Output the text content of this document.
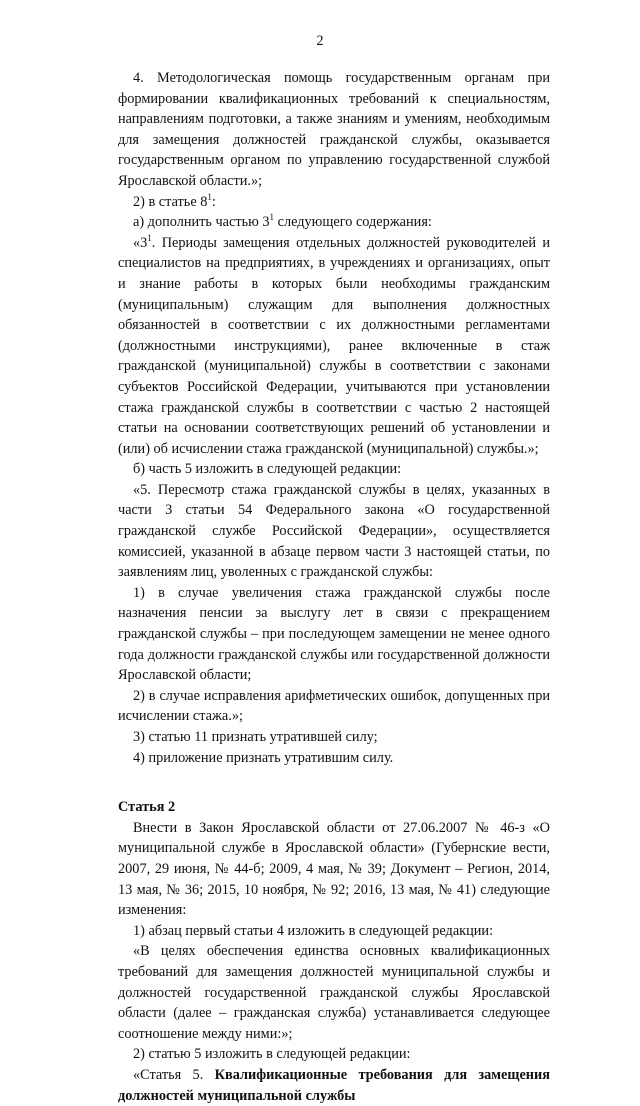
2

4. Методологическая помощь государственным органам при формировании квалификационных требований к специальностям, направлениям подготовки, а также знаниям и умениям, необходимым для замещения должностей гражданской службы, оказывается государственным органом по управлению государственной службой Ярославской области.»;

2) в статье $8^1$:

а) дополнить частью $3^1$ следующего содержания:

«$3^1$. Периоды замещения отдельных должностей руководителей и специалистов на предприятиях, в учреждениях и организациях, опыт и знание работы в которых были необходимы гражданским (муниципальным) служащим для выполнения должностных обязанностей в соответствии с их должностными регламентами (должностными инструкциями), ранее включенные в стаж гражданской (муниципальной) службы в соответствии с законами субъектов Российской Федерации, учитываются при установлении стажа гражданской службы в соответствии с частью 2 настоящей статьи на основании соответствующих решений об установлении и (или) об исчислении стажа гражданской (муниципальной) службы.»;

б) часть 5 изложить в следующей редакции:

«5. Пересмотр стажа гражданской службы в целях, указанных в части 3 статьи 54 Федерального закона «О государственной гражданской службе Российской Федерации», осуществляется комиссией, указанной в абзаце первом части 3 настоящей статьи, по заявлениям лиц, уволенных с гражданской службы:

1) в случае увеличения стажа гражданской службы после назначения пенсии за выслугу лет в связи с прекращением гражданской службы – при последующем замещении не менее одного года должности гражданской службы или государственной должности Ярославской области;

2) в случае исправления арифметических ошибок, допущенных при исчислении стажа.»;

3) статью 11 признать утратившей силу;

4) приложение признать утратившим силу.

Статья 2

Внести в Закон Ярославской области от 27.06.2007 № 46-з «О муниципальной службе в Ярославской области» (Губернские вести, 2007, 29 июня, № 44-б; 2009, 4 мая, № 39; Документ – Регион, 2014, 13 мая, № 36; 2015, 10 ноября, № 92; 2016, 13 мая, № 41) следующие изменения:

1) абзац первый статьи 4 изложить в следующей редакции:

«В целях обеспечения единства основных квалификационных требований для замещения должностей муниципальной службы и должностей государственной гражданской службы Ярославской области (далее – гражданская служба) устанавливается следующее соотношение между ними:»;

2) статью 5 изложить в следующей редакции:

«Статья 5. Квалификационные требования для замещения должностей муниципальной службы
